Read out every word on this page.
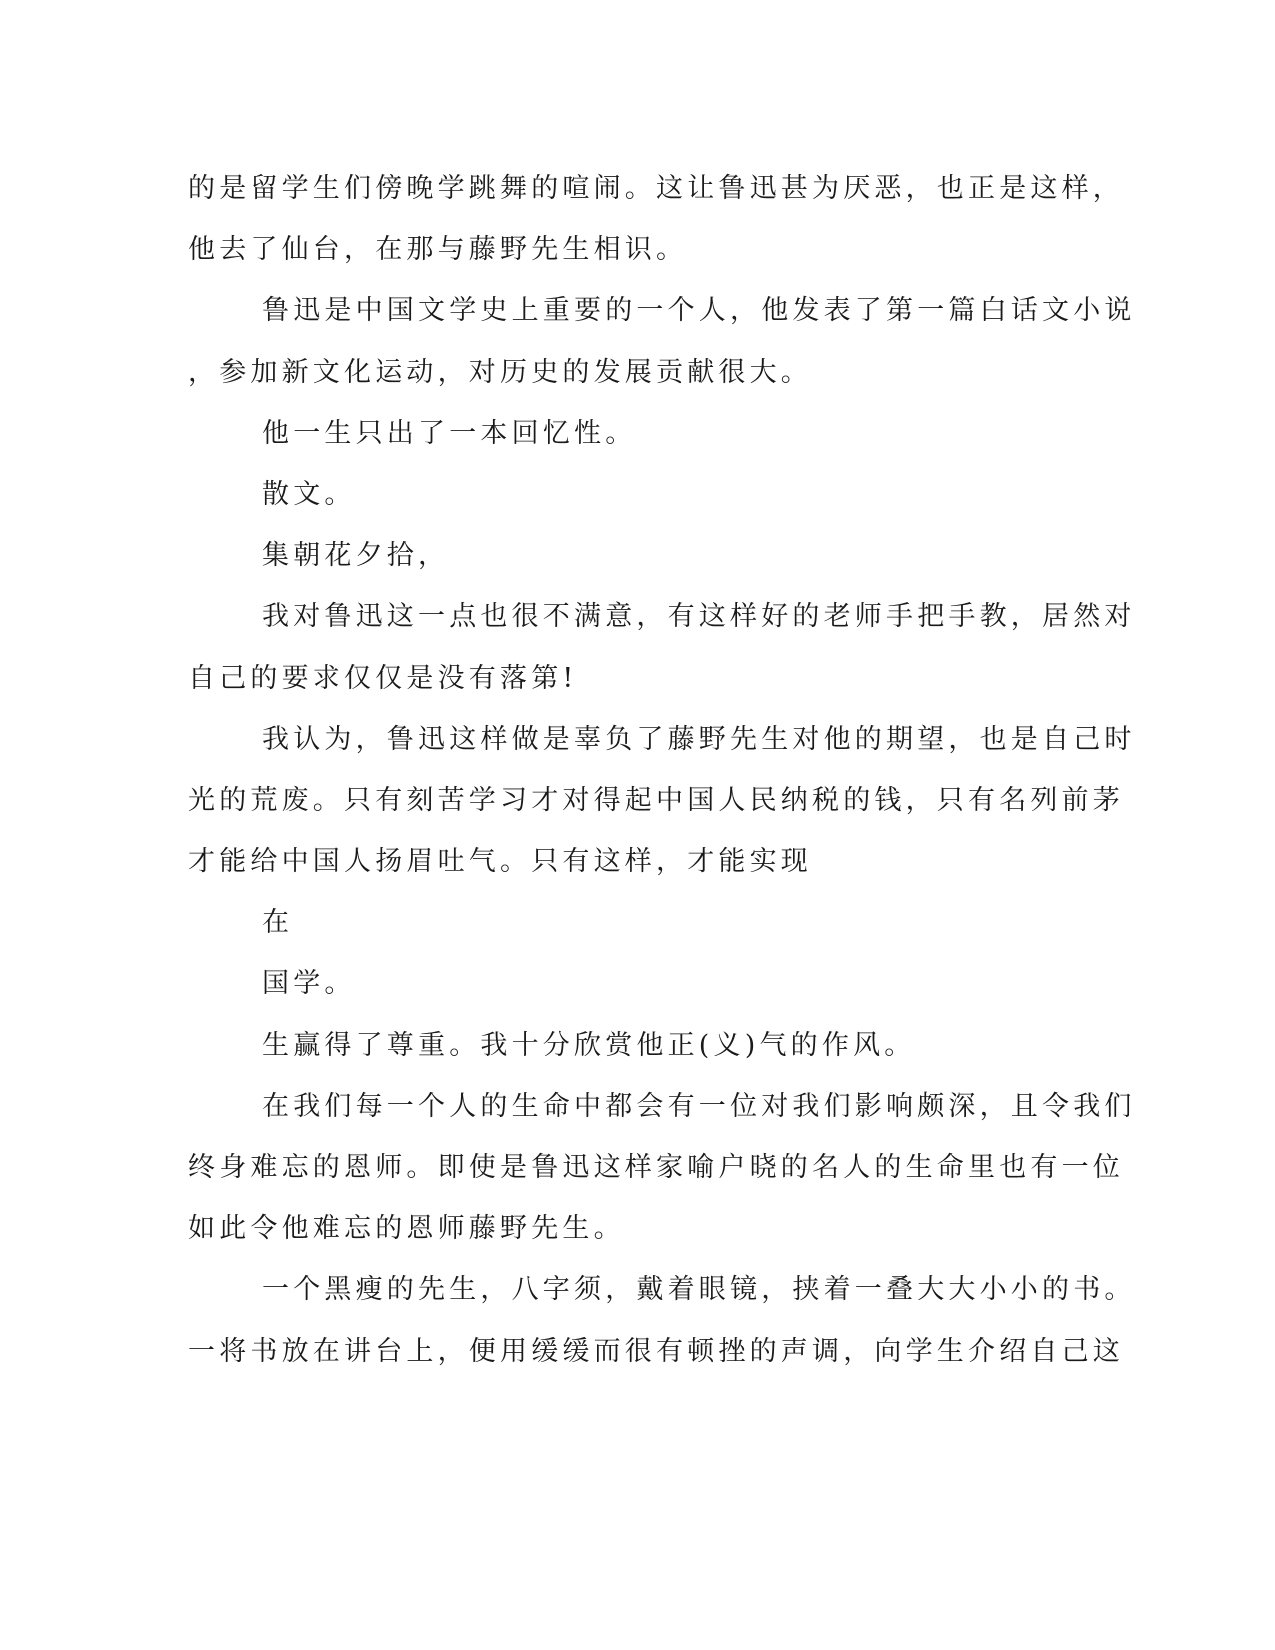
的是留学生们傍晚学跳舞的喧闹。这让鲁迅甚为厌恶，也正是这样，
他去了仙台，在那与藤野先生相识。
鲁迅是中国文学史上重要的一个人，他发表了第一篇白话文小说
，参加新文化运动，对历史的发展贡献很大。
他一生只出了一本回忆性。
散文。
集朝花夕拾，
我对鲁迅这一点也很不满意，有这样好的老师手把手教，居然对
自己的要求仅仅是没有落第!
我认为，鲁迅这样做是辜负了藤野先生对他的期望，也是自己时
光的荒废。只有刻苦学习才对得起中国人民纳税的钱，只有名列前茅
才能给中国人扬眉吐气。只有这样，才能实现
在
国学。
生赢得了尊重。我十分欣赏他正(义)气的作风。
在我们每一个人的生命中都会有一位对我们影响颇深，且令我们
终身难忘的恩师。即使是鲁迅这样家喻户晓的名人的生命里也有一位
如此令他难忘的恩师藤野先生。
一个黑瘦的先生，八字须，戴着眼镜，挟着一叠大大小小的书。
一将书放在讲台上，便用缓缓而很有顿挫的声调，向学生介绍自己这
